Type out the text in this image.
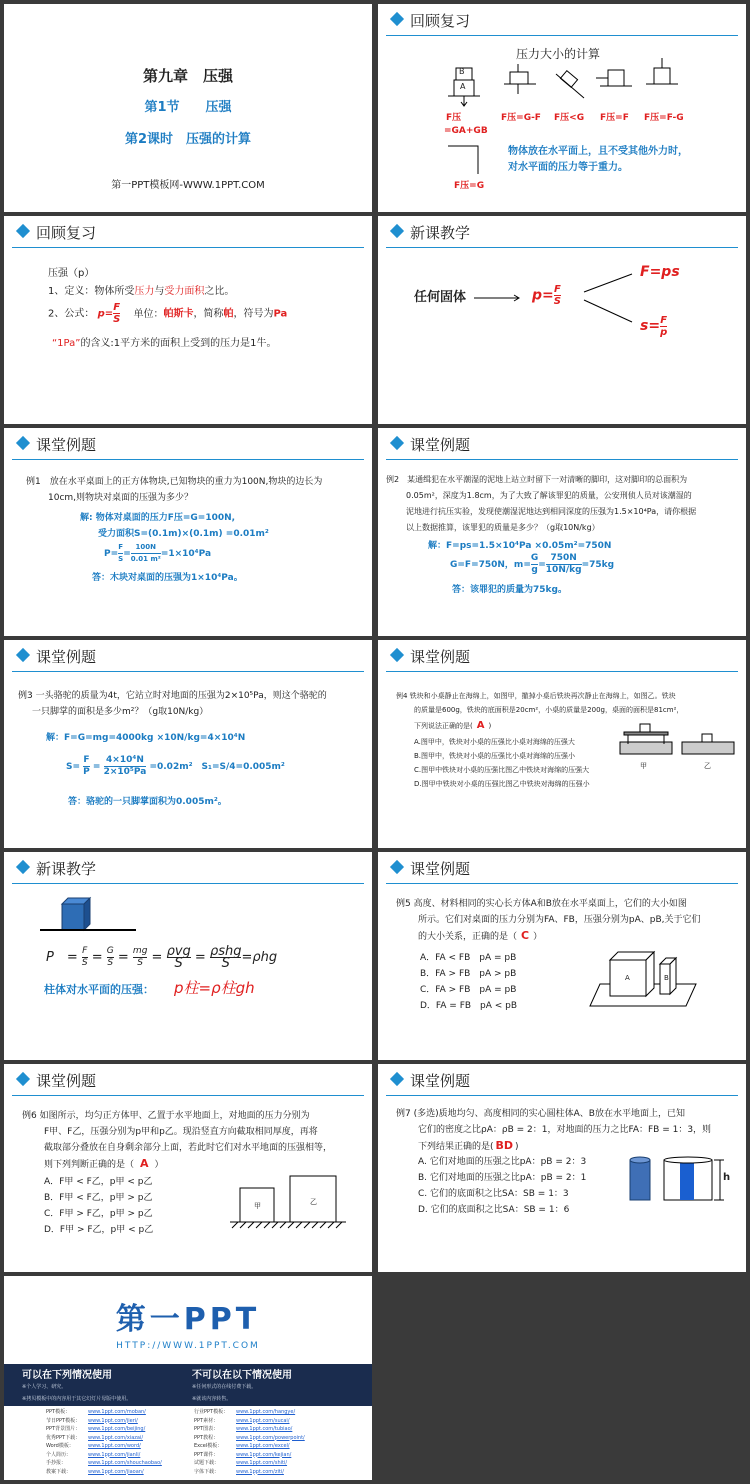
第九章　压强
第1节　　压强
第2课时　压强的计算
第一PPT模板网-WWW.1PPT.COM
回顾复习
压力大小的计算
B
A
F压
=GA+GB
F压=G-F F压<G F压=F F压=F-G
F压=G
物体放在水平面上，且不受其他外力时，
对水平面的压力等于重力。
回顾复习
压强（p）
1、定义：物体所受压力与受力面积之比。
2、公式： $p= \frac{F}{S}$ 单位：帕斯卡，简称帕，符号为Pa
“1Pa”的含义:1平方米的面积上受到的压力是1牛。
新课教学
任何固体	$p= \frac{F}{S}$
F=ps
$s= \frac{F}{p}$
课堂例题
例1　放在水平桌面上的正方体物块,已知物块的重力为100N,物块的边长为
10cm,则物块对桌面的压强为多少？
解: 物体对桌面的压力F压=G=100N,
受力面积S=(0.1m)×(0.1m) =0.01m²
$P= \frac{F}{S} = \frac{100N}{\text{0.01 m²}} =1\times 10^4Pa$
答：木块对桌面的压强为1×10⁴Pa。
课堂例题
例2　某通缉犯在水平潮湿的泥地上站立时留下一对清晰的脚印，这对脚印的总面积为
0.05m²，深度为1.8cm，为了大致了解该罪犯的质量，公安刑侦人员对该潮湿的
泥地进行抗压实验，发现使潮湿泥地达到相同深度的压强为1.5×10⁴Pa，请你根据
以上数据推算，该罪犯的质量是多少？（g取10N/kg）
解：F=ps=1.5×10⁴Pa ×0.05m²=750N
G=F=750N，$m= \frac{G}{g} = \frac{750N}{10N/kg} =75kg$
答：该罪犯的质量为75kg。
课堂例题
例3 一头骆驼的质量为4t，它站立时对地面的压强为2×10⁵Pa，则这个骆驼的
一只脚掌的面积是多少m²？（g取10N/kg）
解：F=G=mg=4000kg ×10N/kg=4×10⁴N
$S= \frac{F}{P} = \frac{\text{4×10⁴N}}{\text{2×10⁵Pa}} =0.02m^2$　 S₁=S/4=0.005m²
答：骆驼的一只脚掌面积为0.005m²。
课堂例题
例4 铁块和小桌静止在海绵上，如图甲，撤掉小桌后铁块再次静止在海绵上，如图乙。铁块
的质量是600g，铁块的底面积是20cm²，小桌的质量是200g，桌面的面积是81cm²，
下列说法正确的是( A )
A.图甲中，铁块对小桌的压强比小桌对海绵的压强大
B.图甲中，铁块对小桌的压强比小桌对海绵的压强小
C.图甲中铁块对小桌的压强比图乙中铁块对海绵的压强大
D.图甲中铁块对小桌的压强比图乙中铁块对海绵的压强小
甲	乙
新课教学
P　= $\frac{F}{S} = \frac{G}{S} = \frac{mg}{S} = \frac{\text{ρvg}}{S} = \frac{\text{ρshg}}{S} =\rho hg$
柱体对水平面的压强： p柱=ρ柱gh
课堂例题
例5 高度、材料相同的实心长方体A和B放在水平桌面上，它们的大小如图
所示。它们对桌面的压力分别为FA、FB，压强分别为pA、pB,关于它们
的大小关系，正确的是（ C ）
A．FA < FB　pA = pB
B．FA > FB　pA > pB
C．FA > FB　pA = pB
D．FA = FB　pA < pB
A	B
课堂例题
例6 如图所示，均匀正方体甲、乙置于水平地面上，对地面的压力分别为
F甲、F乙，压强分别为p甲和p乙。现沿竖直方向截取相同厚度，再将
截取部分叠放在自身剩余部分上面，若此时它们对水平地面的压强相等，
则下列判断正确的是（ A ）
A．F甲 < F乙，p甲 < p乙
B．F甲 < F乙，p甲 > p乙
C．F甲 > F乙，p甲 > p乙
D．F甲 > F乙，p甲 < p乙
甲	乙
课堂例题
例7 (多选)质地均匀、高度相同的实心圆柱体A、B放在水平地面上，已知
它们的密度之比ρA：ρB = 2：1，对地面的压力之比FA：FB = 1：3，则
下列结果正确的是( BD )
A. 它们对地面的压强之比pA：pB = 2：3
B. 它们对地面的压强之比pA：pB = 2：1
C. 它们的底面积之比SA：SB = 1：3
D. 它们的底面积之比SA：SB = 1：6
h
第一PPT
HTTP://WWW.1PPT.COM
可以在下列情况使用
※个人学习、研究。
※拷贝模板中的内容用于其它幻灯片母版中使用。
不可以在以下情况使用
※任何形式的在线付费下载。
※就该内容转售。
PPT模板：	www.1ppt.com/moban/
节日PPT模板： www.1ppt.com/jieri/
PPT背景图片： www.1ppt.com/beijing/
优秀PPT下载： www.1ppt.com/xiazai/
Word模板：	www.1ppt.com/word/
个人简历：	www.1ppt.com/jianli/
手抄报：	www.1ppt.com/shouchaobao/
教案下载：	www.1ppt.com/jiaoan/
行业PPT模板： www.1ppt.com/hangye/
PPT素材：	www.1ppt.com/sucai/
PPT图表：	www.1ppt.com/tubiao/
PPT教程：	www.1ppt.com/powerpoint/
Excel模板：	www.1ppt.com/excel/
PPT课件：	www.1ppt.com/kejian/
试题下载：	www.1ppt.com/shiti/
字体下载：	www.1ppt.com/ziti/
